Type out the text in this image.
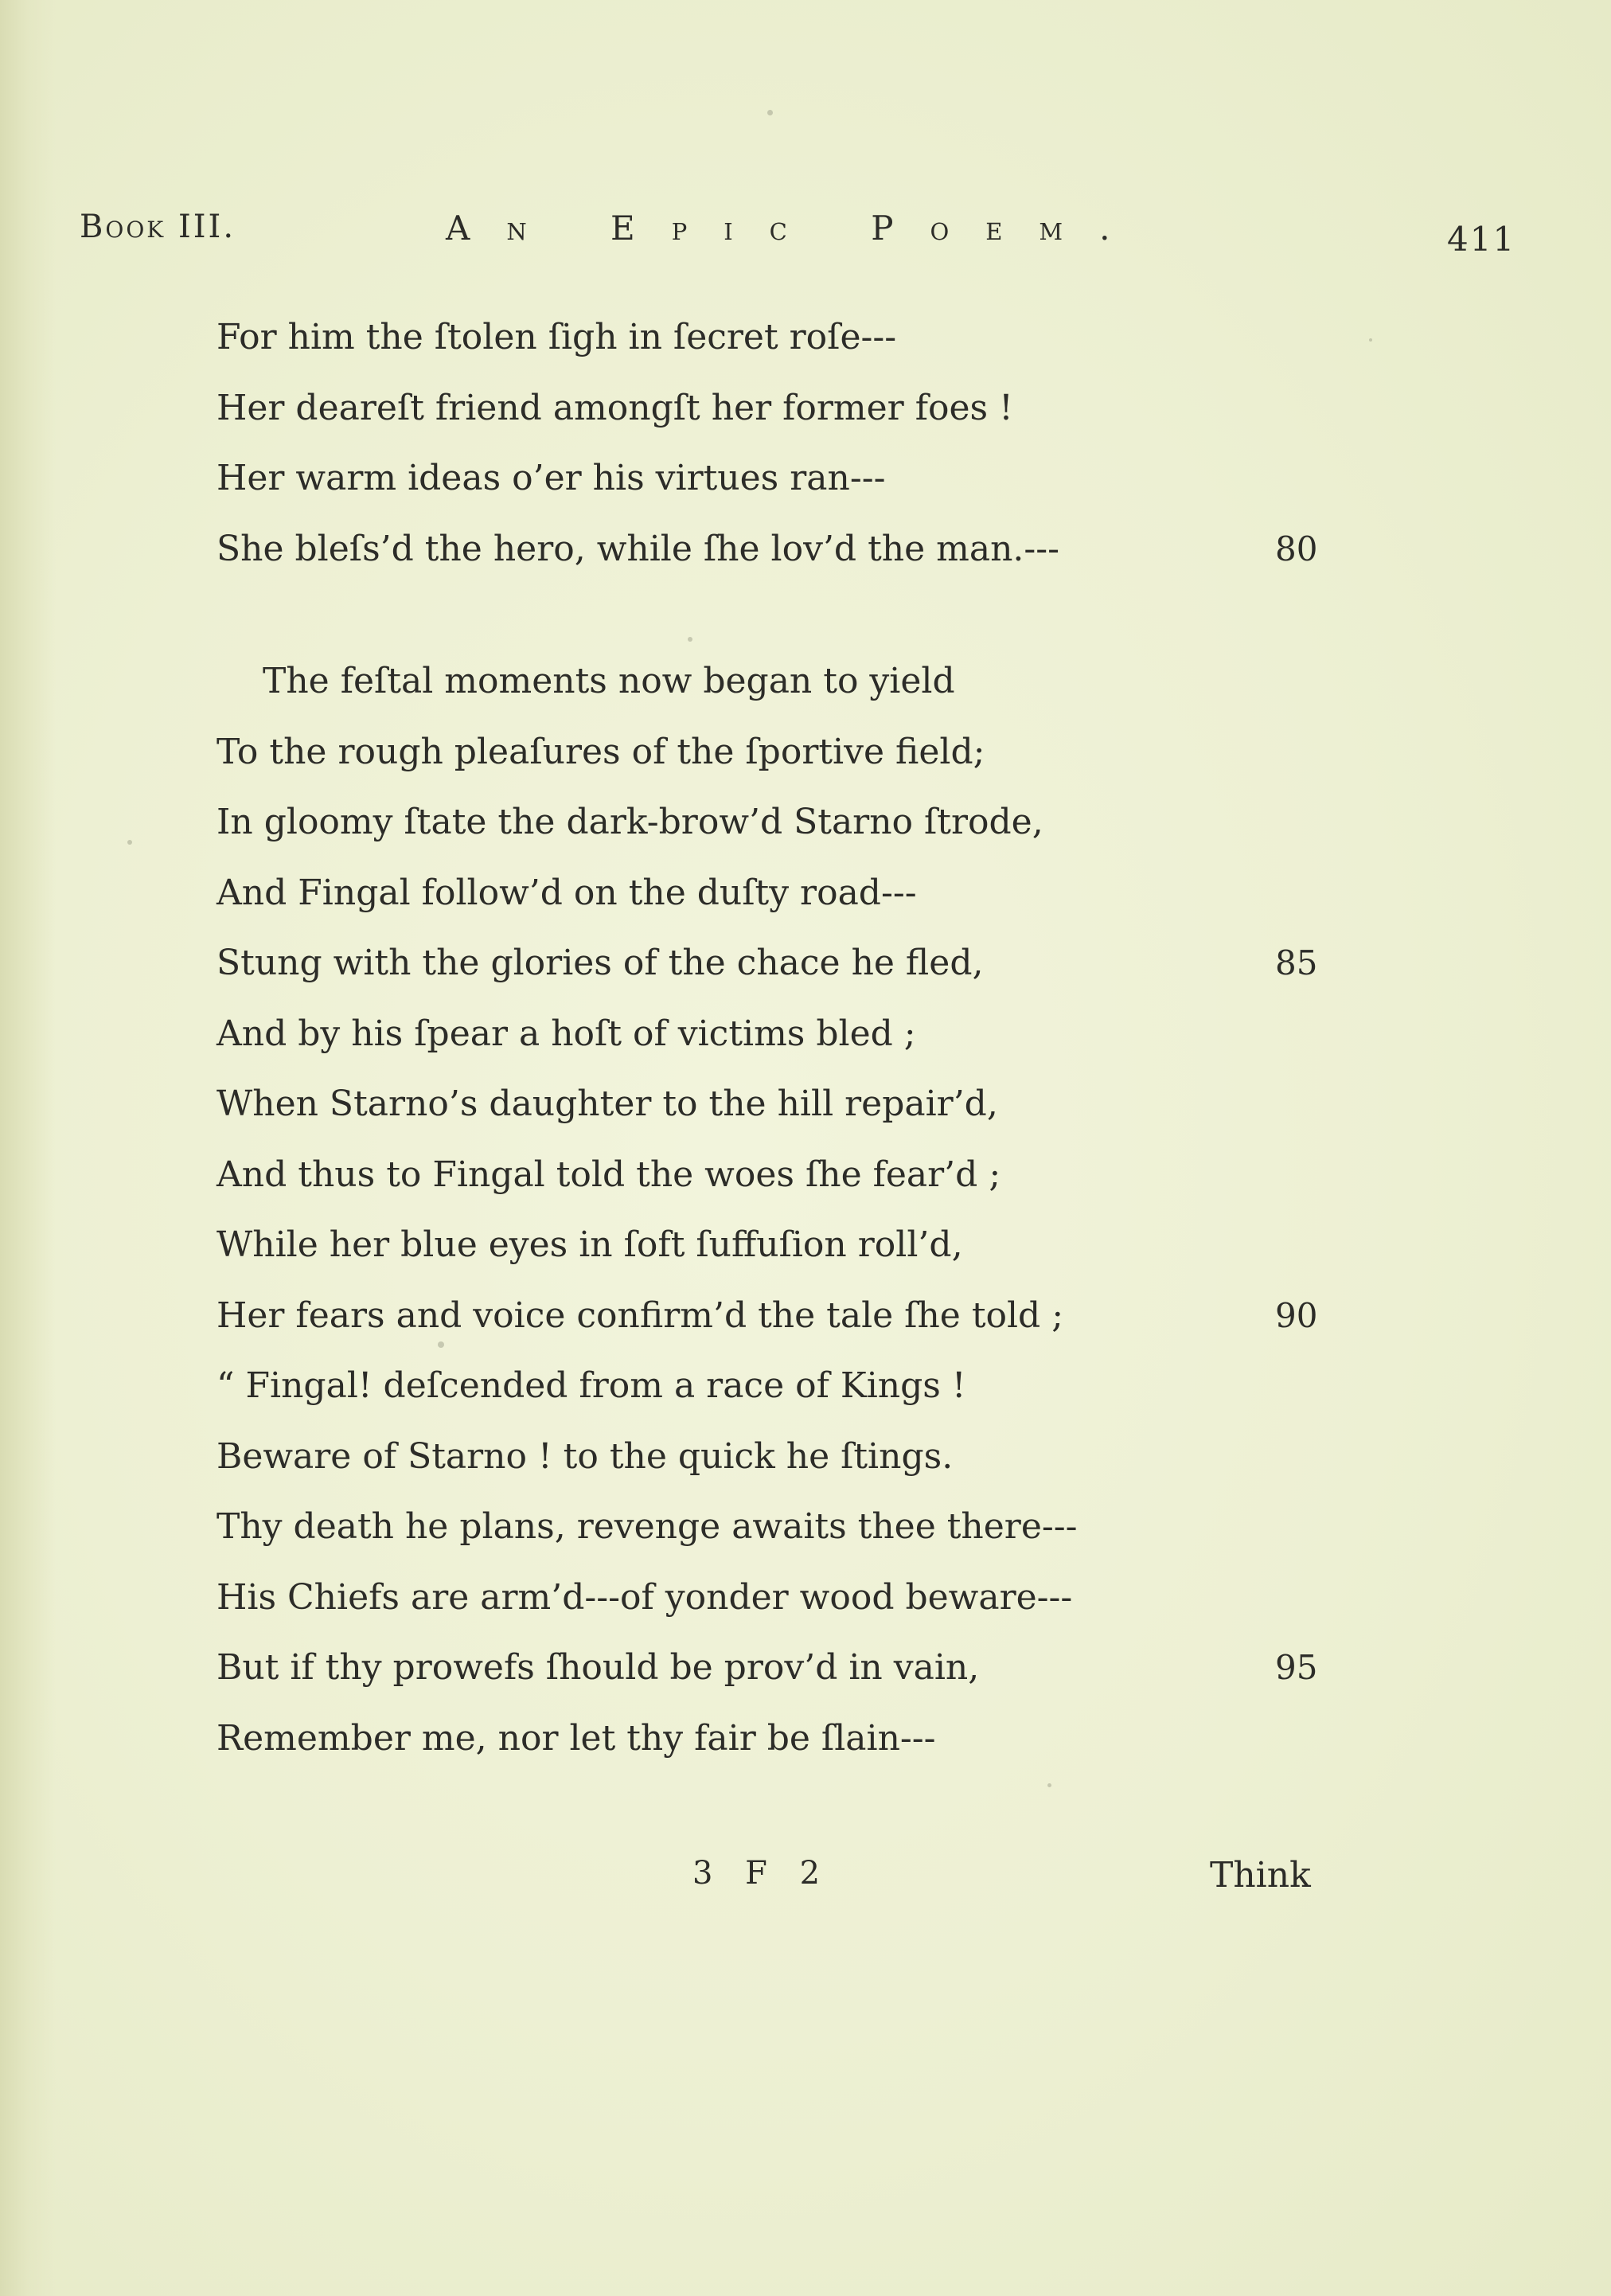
Book III.	An Epic Poem.	411
For him the ſtolen ſigh in ſecret roſe---
Her deareſt friend amongſt her former foes !
Her warm ideas o’er his virtues ran---
She bleſs’d the hero, while ſhe lov’d the man.---	80
The feſtal moments now began to yield
To the rough pleaſures of the ſportive field;
In gloomy ſtate the dark-brow’d Starno ſtrode,
And Fingal follow’d on the duſty road---
Stung with the glories of the chace he fled,	85
And by his ſpear a hoſt of victims bled ;
When Starno’s daughter to the hill repair’d,
And thus to Fingal told the woes ſhe fear’d ;
While her blue eyes in ſoft ſuffuſion roll’d,
Her fears and voice confirm’d the tale ſhe told ;	90
“ Fingal! deſcended from a race of Kings !
Beware of Starno ! to the quick he ſtings.
Thy death he plans, revenge awaits thee there---
His Chiefs are arm’d---of yonder wood beware---
But if thy prowefs ſhould be prov’d in vain,	95
Remember me, nor let thy fair be ſlain---
3 F 2	Think
